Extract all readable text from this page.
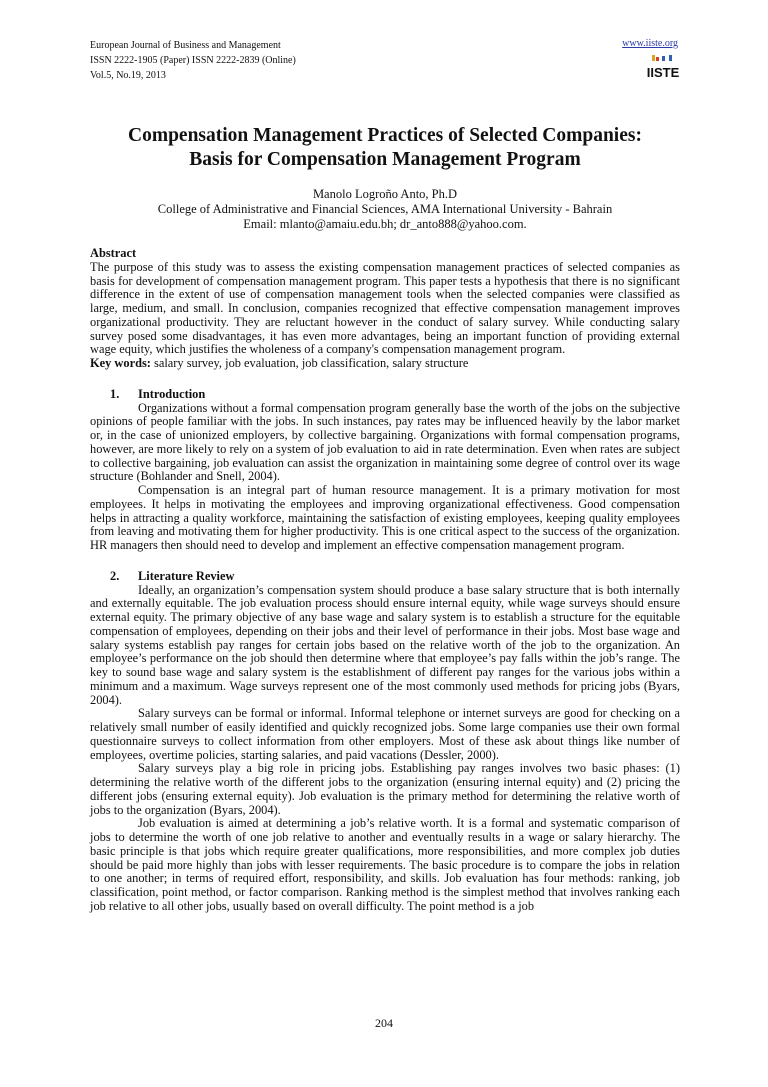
European Journal of Business and Management
ISSN 2222-1905 (Paper) ISSN 2222-2839 (Online)
Vol.5, No.19, 2013
www.iiste.org
IISTE
Compensation Management Practices of Selected Companies:
Basis for Compensation Management Program
Manolo Logroño Anto, Ph.D
College of Administrative and Financial Sciences, AMA International University - Bahrain
Email: mlanto@amaiu.edu.bh; dr_anto888@yahoo.com.

Abstract

The purpose of this study was to assess the existing compensation management practices of selected companies as basis for development of compensation management program. This paper tests a hypothesis that there is no significant difference in the extent of use of compensation management tools when the selected companies were classified as large, medium, and small. In conclusion, companies recognized that effective compensation management improves organizational productivity. They are reluctant however in the conduct of salary survey. While conducting salary survey posed some disadvantages, it has even more advantages, being an important function of providing external wage equity, which justifies the wholeness of a company's compensation management program.

Key words: salary survey, job evaluation, job classification, salary structure

1. Introduction

Organizations without a formal compensation program generally base the worth of the jobs on the subjective opinions of people familiar with the jobs. In such instances, pay rates may be influenced heavily by the labor market or, in the case of unionized employers, by collective bargaining. Organizations with formal compensation programs, however, are more likely to rely on a system of job evaluation to aid in rate determination. Even when rates are subject to collective bargaining, job evaluation can assist the organization in maintaining some degree of control over its wage structure (Bohlander and Snell, 2004).

Compensation is an integral part of human resource management. It is a primary motivation for most employees. It helps in motivating the employees and improving organizational effectiveness. Good compensation helps in attracting a quality workforce, maintaining the satisfaction of existing employees, keeping quality employees from leaving and motivating them for higher productivity. This is one critical aspect to the success of the organization. HR managers then should need to develop and implement an effective compensation management program.

2. Literature Review

Ideally, an organization’s compensation system should produce a base salary structure that is both internally and externally equitable. The job evaluation process should ensure internal equity, while wage surveys should ensure external equity. The primary objective of any base wage and salary system is to establish a structure for the equitable compensation of employees, depending on their jobs and their level of performance in their jobs. Most base wage and salary systems establish pay ranges for certain jobs based on the relative worth of the job to the organization. An employee’s performance on the job should then determine where that employee’s pay falls within the job’s range. The key to sound base wage and salary system is the establishment of different pay ranges for the various jobs within a minimum and a maximum. Wage surveys represent one of the most commonly used methods for pricing jobs (Byars, 2004).

Salary surveys can be formal or informal. Informal telephone or internet surveys are good for checking on a relatively small number of easily identified and quickly recognized jobs. Some large companies use their own formal questionnaire surveys to collect information from other employers. Most of these ask about things like number of employees, overtime policies, starting salaries, and paid vacations (Dessler, 2000).

Salary surveys play a big role in pricing jobs. Establishing pay ranges involves two basic phases: (1) determining the relative worth of the different jobs to the organization (ensuring internal equity) and (2) pricing the different jobs (ensuring external equity). Job evaluation is the primary method for determining the relative worth of jobs to the organization (Byars, 2004).

Job evaluation is aimed at determining a job’s relative worth. It is a formal and systematic comparison of jobs to determine the worth of one job relative to another and eventually results in a wage or salary hierarchy. The basic principle is that jobs which require greater qualifications, more responsibilities, and more complex job duties should be paid more highly than jobs with lesser requirements. The basic procedure is to compare the jobs in relation to one another; in terms of required effort, responsibility, and skills. Job evaluation has four methods: ranking, job classification, point method, or factor comparison. Ranking method is the simplest method that involves ranking each job relative to all other jobs, usually based on overall difficulty. The point method is a job

204
